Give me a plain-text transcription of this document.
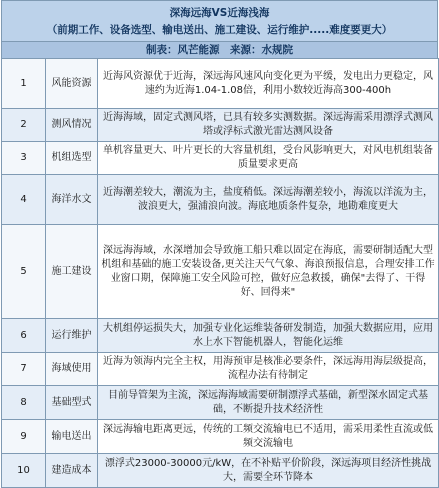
深海远海VS近海浅海
（前期工作、设备选型、输电送出、施工建设、运行维护.....难度要更大）
制表：风芒能源　来源：水规院
1	风能资源	近海风资源优于近海，深远海风速风向变化更为平缓，发电出力更稳定，风速约为近海1.04-1.08倍，利用小数较近海高300-400h
2	测风情况	近海海域，固定式测风塔，已具有较多实测数据。深远海需采用漂浮式测风塔或浮标式激光雷达测风设备
3	机组选型	单机容量更大、叶片更长的大容量机组，受台风影响更大，对风电机组装备质量要求更高
4	海洋水文	近海潮差较大，潮流为主，盐度稍低。深远海潮差较小，海流以洋流为主，波浪更大，强浦浪向波。海底地质条件复杂，地勘难度更大
5	施工建设	深远海海域，水深增加会导致施工船只难以固定在海底，需要研制适配大型机组和基础的施工安装设备,更关注天气气象、海浪预报信息，合理安排工作业窗口期，保障施工安全风险可控，做好应急救援，确保"去得了、干得好、回得来"
6	运行维护	大机组停运损失大，加强专业化运维装备研发制造，加强大数据应用，应用水上水下智能机器人，智能化运维
7	海域使用	近海为领海内完全主权，用海预审是核准必要条件，深远海用海层级提高，流程办法有待制定
8	基础型式	目前导管架为主流，深远海海域需要研制漂浮式基础，新型深水固定式基础，不断提升技术经济性
9	输电送出	深远海输电距离更远，传统的工频交流输电已不适用，需采用柔性直流或低频交流输电
10	建造成本	漂浮式23000-30000元/kW，在不补贴平价阶段，深远海项目经济性挑战大，需要全环节降本
